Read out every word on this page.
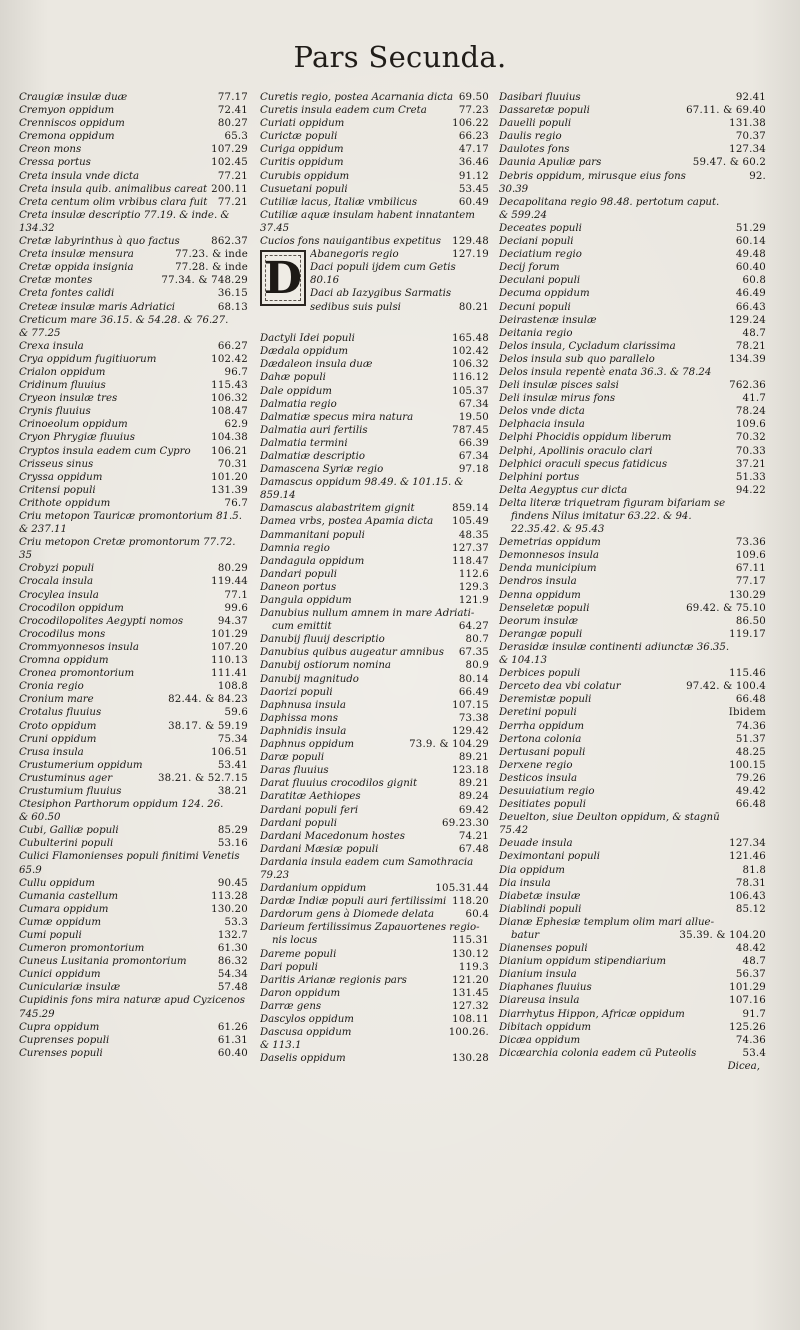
Pars Secunda.
Craugiæ insulæ duæ	77.17
Cremyon oppidum	72.41
Crenniscos oppidum	80.27
Cremona oppidum	65.3
Creon mons	107.29
Cressa portus	102.45
Creta insula vnde dicta	77.21
Creta insula quib. animalibus careat 200.11
Creta centum olim vrbibus clara fuit	77.21
Creta insulæ descriptio 77.19. & inde. &
134.32
Cretæ labyrinthus à quo factus	862.37
Creta insulæ mensura	77.23. & inde
Cretæ oppida insignia	77.28. & inde
Cretæ montes	77.34. & 748.29
Creta fontes calidi	36.15
Creteæ insulæ maris Adriatici	68.13
Creticum mare 36.15. & 54.28. & 76.27.
& 77.25
Crexa insula	66.27
Crya oppidum fugitiuorum	102.42
Crialon oppidum	96.7
Cridinum fluuius	115.43
Cryeon insulæ tres	106.32
Crynis fluuius	108.47
Crinoeolum oppidum	62.9
Cryon Phrygiæ fluuius	104.38
Cryptos insula eadem cum Cypro	106.21
Crisseus sinus	70.31
Cryssa oppidum	101.20
Critensi populi	131.39
Crithote oppidum	76.7
Criu metopon Tauricæ promontorium 81.5.
& 237.11
Criu metopon Cretæ promontorum 77.72.
35
Crobyzi populi	80.29
Crocala insula	119.44
Crocylea insula	77.1
Crocodilon oppidum	99.6
Crocodilopolites Aegypti nomos	94.37
Crocodilus mons	101.29
Crommyonnesos insula	107.20
Cromna oppidum	110.13
Cronea promontorium	111.41
Cronia regio	108.8
Cronium mare	82.44. & 84.23
Crotalus fluuius	59.6
Croto oppidum	38.17. & 59.19
Cruni oppidum	75.34
Crusa insula	106.51
Crustumerium oppidum	53.41
Crustuminus ager	38.21. & 52.7.15
Crustumium fluuius	38.21
Ctesiphon Parthorum oppidum 124. 26.
& 60.50
Cubi, Galliæ populi	85.29
Cubulterini populi	53.16
Culici Flamonienses populi finitimi Venetis
65.9
Cullu oppidum	90.45
Cumania castellum	113.28
Cumara oppidum	130.20
Cumæ oppidum	53.3
Cumi populi	132.7
Cumeron promontorium	61.30
Cuneus Lusitania promontorium	86.32
Cunici oppidum	54.34
Cuniculariæ insulæ	57.48
Cupidinis fons mira naturæ apud Cyzicenos
745.29
Cupra oppidum	61.26
Cuprenses populi	61.31
Curenses populi	60.40
Curetis regio, postea Acarnania dicta 69.50
Curetis insula eadem cum Creta	77.23
Curiati oppidum	106.22
Curictæ populi	66.23
Curiga oppidum	47.17
Curitis oppidum	36.46
Curubis oppidum	91.12
Cusuetani populi	53.45
Cutiliæ lacus, Italiæ vmbilicus	60.49
Cutiliæ aquæ insulam habent innatantem
37.45
Cucios fons nauigantibus expetitus	129.48
D Abanegoris regio	127.19
Daci populi ijdem cum Getis
80.16
Daci ab Iazygibus Sarmatis
sedibus suis pulsi	80.21
Dactyli Idei populi	165.48
Dædala oppidum	102.42
Dædaleon insula duæ	106.32
Dahæ populi	116.12
Dale oppidum	105.37
Dalmatia regio	67.34
Dalmatiæ specus mira natura	19.50
Dalmatia auri fertilis	787.45
Dalmatia termini	66.39
Dalmatiæ descriptio	67.34
Damascena Syriæ regio	97.18
Damascus oppidum 98.49. & 101.15. &
859.14
Damascus alabastritem gignit	859.14
Damea vrbs, postea Apamia dicta	105.49
Dammanitani populi	48.35
Damnia regio	127.37
Dandagula oppidum	118.47
Dandari populi	112.6
Daneon portus	129.3
Dangula oppidum	121.9
Danubius nullum amnem in mare Adriati-
cum emittit	64.27
Danubij fluuij descriptio	80.7
Danubius quibus augeatur amnibus	67.35
Danubij ostiorum nomina	80.9
Danubij magnitudo	80.14
Daorizi populi	66.49
Daphnusa insula	107.15
Daphissa mons	73.38
Daphnidis insula	129.42
Daphnus oppidum	73.9. & 104.29
Daræ populi	89.21
Daras fluuius	123.18
Darat fluuius crocodilos gignit	89.21
Daratitæ Aethiopes	89.24
Dardani populi feri	69.42
Dardani populi	69.23.30
Dardani Macedonum hostes	74.21
Dardani Mæsiæ populi	67.48
Dardania insula eadem cum Samothracia
79.23
Dardanium oppidum	105.31.44
Dardæ Indiæ populi auri fertilissimi 118.20
Dardorum gens à Diomede delata	60.4
Darieum fertilissimus Zapauortenes regio-
nis locus	115.31
Dareme populi	130.12
Dari populi	119.3
Daritis Arianæ regionis pars	121.20
Daron oppidum	131.45
Darræ gens	127.32
Dascylos oppidum	108.11
Dascusa oppidum	100.26.
& 113.1
Daselis oppidum	130.28
Dasibari fluuius	92.41
Dassaretæ populi	67.11. & 69.40
Dauelli populi	131.38
Daulis regio	70.37
Daulotes fons	127.34
Daunia Apuliæ pars	59.47. & 60.2
Debris oppidum, mirusque eius fons	92.
30.39
Decapolitana regio 98.48. pertotum caput.
& 599.24
Deceates populi	51.29
Deciani populi	60.14
Deciatium regio	49.48
Decij forum	60.40
Deculani populi	60.8
Decuma oppidum	46.49
Decuni populi	66.43
Deirastenæ insulæ	129.24
Deitania regio	48.7
Delos insula, Cycladum clarissima	78.21
Delos insula sub quo parallelo	134.39
Delos insula repentè enata 36.3. & 78.24
Deli insulæ pisces salsi	762.36
Deli insulæ mirus fons	41.7
Delos vnde dicta	78.24
Delphacia insula	109.6
Delphi Phocidis oppidum liberum	70.32
Delphi, Apollinis oraculo clari	70.33
Delphici oraculi specus fatidicus	37.21
Delphini portus	51.33
Delta Aegyptus cur dicta	94.22
Delta literæ triquetram figuram bifariam se
findens Nilus imitatur 63.22. & 94.
22.35.42. & 95.43
Demetrias oppidum	73.36
Demonnesos insula	109.6
Denda municipium	67.11
Dendros insula	77.17
Denna oppidum	130.29
Denseletæ populi	69.42. & 75.10
Deorum insulæ	86.50
Derangæ populi	119.17
Derasidæ insulæ continenti adiunctæ 36.35.
& 104.13
Derbices populi	115.46
Derceto dea vbi colatur	97.42. & 100.4
Deremistæ populi	66.48
Deretini populi	Ibidem
Derrha oppidum	74.36
Dertona colonia	51.37
Dertusani populi	48.25
Derxene regio	100.15
Desticos insula	79.26
Desuuiatium regio	49.42
Desitiates populi	66.48
Deuelton, siue Deulton oppidum, & stagnū
75.42
Deuade insula	127.34
Deximontani populi	121.46
Dia oppidum	81.8
Dia insula	78.31
Diabetæ insulæ	106.43
Diablindi populi	85.12
Dianæ Ephesiæ templum olim mari allue-
batur	35.39. & 104.20
Dianenses populi	48.42
Dianium oppidum stipendiarium	48.7
Dianium insula	56.37
Diaphanes fluuius	101.29
Diareusa insula	107.16
Diarrhytus Hippon, Africæ oppidum	91.7
Dibitach oppidum	125.26
Dicæa oppidum	74.36
Dicæarchia colonia eadem cū Puteolis	53.4
Dicea,
